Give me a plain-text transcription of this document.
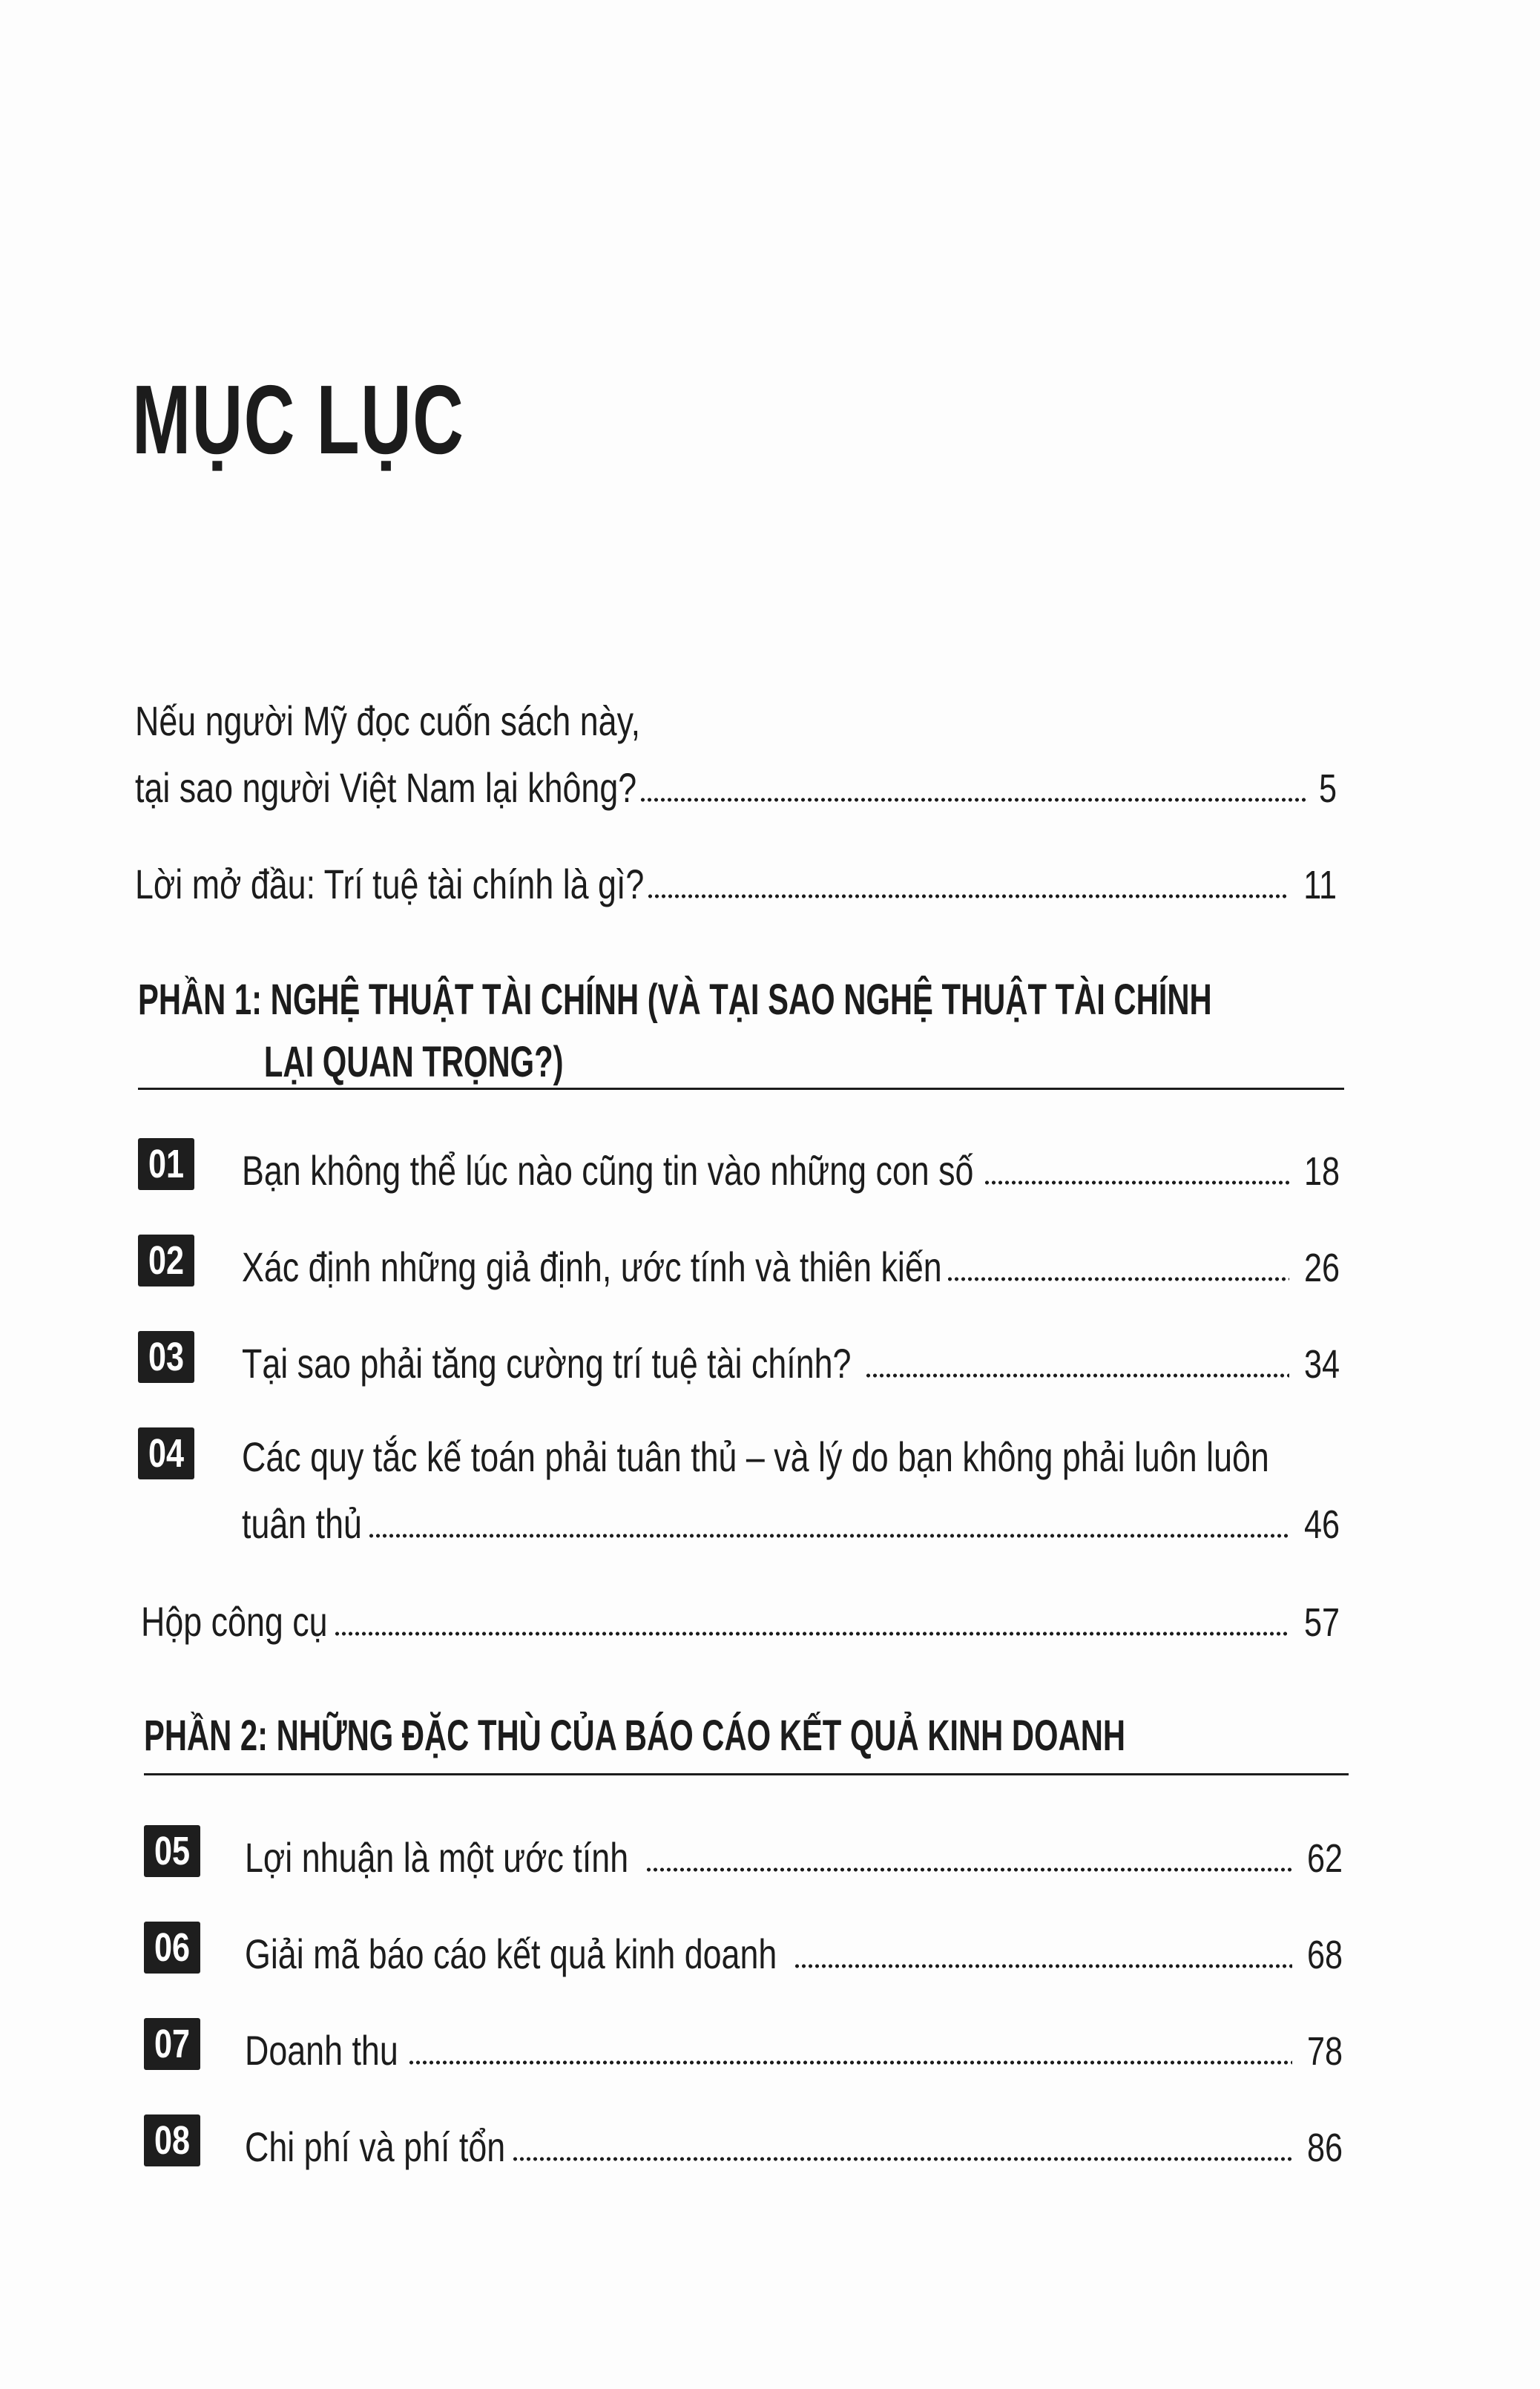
MỤC LỤC
Nếu người Mỹ đọc cuốn sách này,
tại sao người Việt Nam lại không?	5
Lời mở đầu: Trí tuệ tài chính là gì?	11
PHẦN 1: NGHỆ THUẬT TÀI CHÍNH (VÀ TẠI SAO NGHỆ THUẬT TÀI CHÍNH
LẠI QUAN TRỌNG?)
01 Bạn không thể lúc nào cũng tin vào những con số	18
02 Xác định những giả định, ước tính và thiên kiến	26
03 Tại sao phải tăng cường trí tuệ tài chính?	34
04 Các quy tắc kế toán phải tuân thủ – và lý do bạn không phải luôn luôn
tuân thủ	46
Hộp công cụ	57
PHẦN 2: NHỮNG ĐẶC THÙ CỦA BÁO CÁO KẾT QUẢ KINH DOANH
05 Lợi nhuận là một ước tính	62
06 Giải mã báo cáo kết quả kinh doanh	68
07 Doanh thu	78
08 Chi phí và phí tổn	86
